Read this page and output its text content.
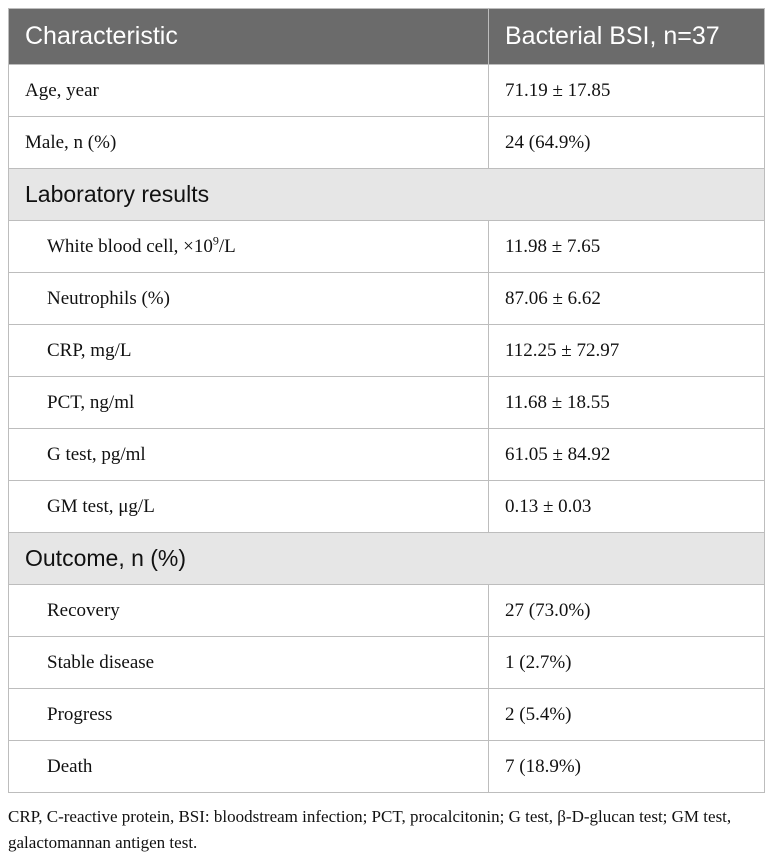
Characteristic	Bacterial BSI, n=37
Age, year	71.19 ± 17.85
Male, n (%)	24 (64.9%)
Laboratory results	
White blood cell, $\times 10^9/L$	11.98 ± 7.65
Neutrophils (%)	87.06 ± 6.62
CRP, mg/L	112.25 ± 72.97
PCT, ng/ml	11.68 ± 18.55
G test, pg/ml	61.05 ± 84.92
GM test, μg/L	0.13 ± 0.03
Outcome, n (%)	
Recovery	27 (73.0%)
Stable disease	1 (2.7%)
Progress	2 (5.4%)
Death	7 (18.9%)
CRP, C-reactive protein, BSI: bloodstream infection; PCT, procalcitonin; G test, β-D-glucan test; GM test, galactomannan antigen test.
